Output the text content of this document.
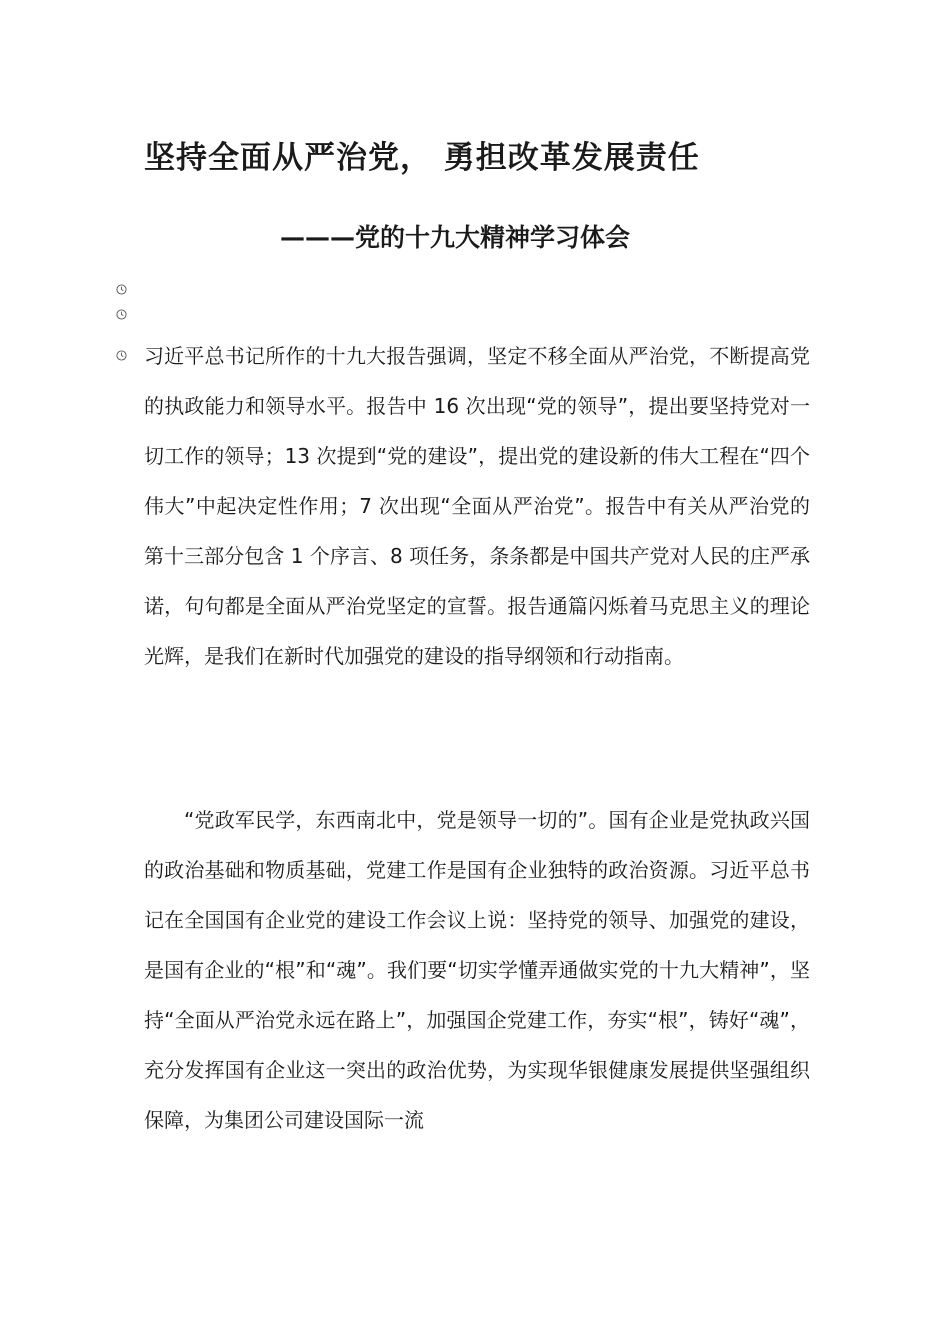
坚持全面从严治党， 勇担改革发展责任
———党的十九大精神学习体会

习近平总书记所作的十九大报告强调，坚定不移全面从严治党，不断提高党的执政能力和领导水平。报告中 16 次出现“党的领导”，提出要坚持党对一切工作的领导；13 次提到“党的建设”，提出党的建设新的伟大工程在“四个伟大”中起决定性作用；7 次出现“全面从严治党”。报告中有关从严治党的第十三部分包含 1 个序言、8 项任务，条条都是中国共产党对人民的庄严承诺，句句都是全面从严治党坚定的宣誓。报告通篇闪烁着马克思主义的理论光辉，是我们在新时代加强党的建设的指导纲领和行动指南。

“党政军民学，东西南北中，党是领导一切的”。国有企业是党执政兴国的政治基础和物质基础，党建工作是国有企业独特的政治资源。习近平总书记在全国国有企业党的建设工作会议上说：坚持党的领导、加强党的建设，是国有企业的“根”和“魂”。我们要“切实学懂弄通做实党的十九大精神”，坚持“全面从严治党永远在路上”，加强国企党建工作，夯实“根”，铸好“魂”，充分发挥国有企业这一突出的政治优势，为实现华银健康发展提供坚强组织保障，为集团公司建设国际一流
